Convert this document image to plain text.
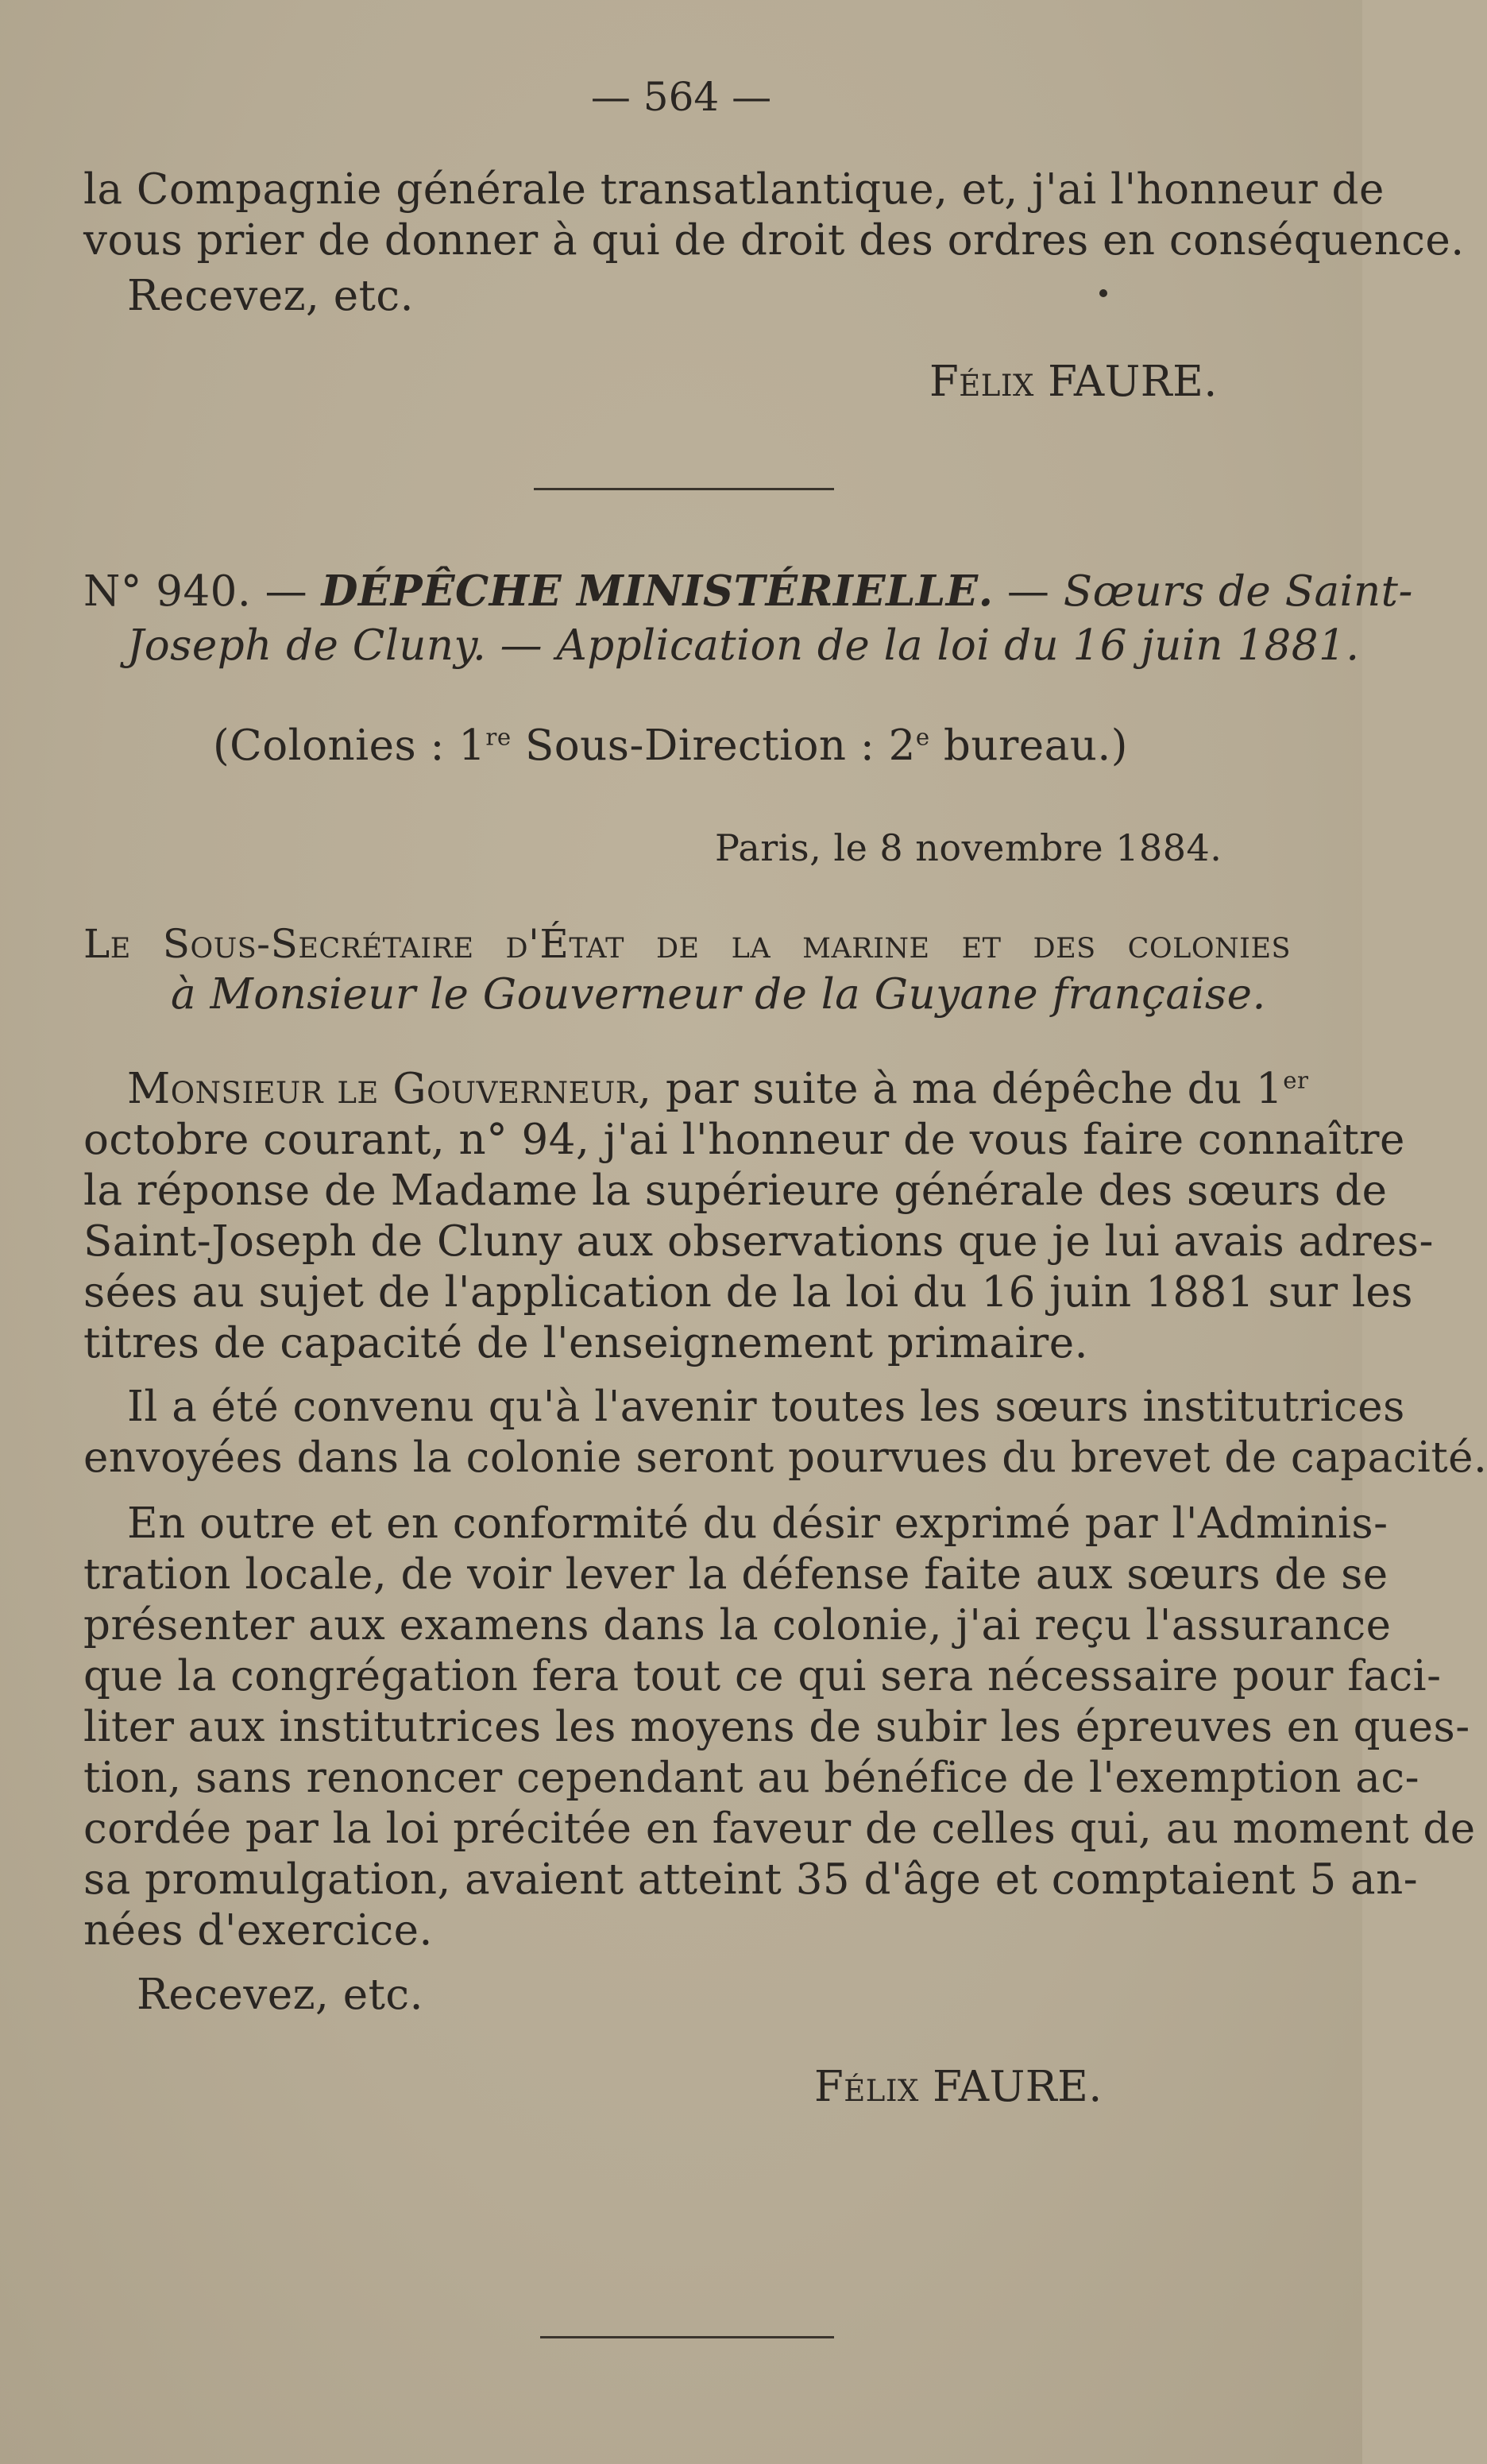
— 564 —
la Compagnie générale transatlantique, et, j'ai l'honneur de
vous prier de donner à qui de droit des ordres en conséquence.
Recevez, etc.
Félix FAURE.
N° 940. — DÉPÊCHE MINISTÉRIELLE. — Sœurs de Saint-
Joseph de Cluny. — Application de la loi du 16 juin 1881.
(Colonies : 1re Sous-Direction : 2e bureau.)
Paris, le 8 novembre 1884.
Le Sous-Secrétaire d'État de la marine et des colonies
à Monsieur le Gouverneur de la Guyane française.
Monsieur le Gouverneur, par suite à ma dépêche du 1er
octobre courant, n° 94, j'ai l'honneur de vous faire connaître
la réponse de Madame la supérieure générale des sœurs de
Saint-Joseph de Cluny aux observations que je lui avais adres-
sées au sujet de l'application de la loi du 16 juin 1881 sur les
titres de capacité de l'enseignement primaire.
Il a été convenu qu'à l'avenir toutes les sœurs institutrices
envoyées dans la colonie seront pourvues du brevet de capacité.
En outre et en conformité du désir exprimé par l'Adminis-
tration locale, de voir lever la défense faite aux sœurs de se
présenter aux examens dans la colonie, j'ai reçu l'assurance
que la congrégation fera tout ce qui sera nécessaire pour faci-
liter aux institutrices les moyens de subir les épreuves en ques-
tion, sans renoncer cependant au bénéfice de l'exemption ac-
cordée par la loi précitée en faveur de celles qui, au moment de
sa promulgation, avaient atteint 35 d'âge et comptaient 5 an-
nées d'exercice.
Recevez, etc.
Félix FAURE.
